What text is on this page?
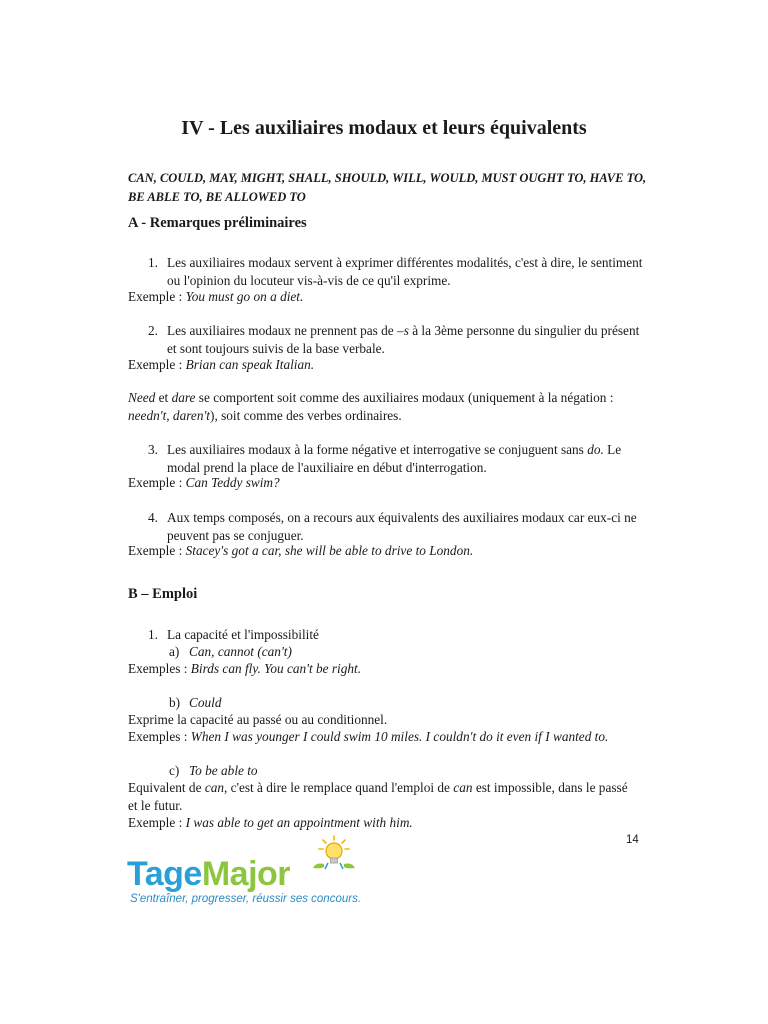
IV - Les auxiliaires modaux et leurs équivalents
CAN, COULD, MAY, MIGHT, SHALL, SHOULD, WILL, WOULD, MUST OUGHT TO, HAVE TO, BE ABLE TO, BE ALLOWED TO
A - Remarques préliminaires
1. Les auxiliaires modaux servent à exprimer différentes modalités, c'est à dire, le sentiment ou l'opinion du locuteur vis-à-vis de ce qu'il exprime.
Exemple : You must go on a diet.
2. Les auxiliaires modaux ne prennent pas de –s à la 3ème personne du singulier du présent et sont toujours suivis de la base verbale.
Exemple : Brian can speak Italian.
Need et dare se comportent soit comme des auxiliaires modaux (uniquement à la négation : needn't, daren't), soit comme des verbes ordinaires.
3. Les auxiliaires modaux à la forme négative et interrogative se conjuguent sans do. Le modal prend la place de l'auxiliaire en début d'interrogation.
Exemple : Can Teddy swim?
4. Aux temps composés, on a recours aux équivalents des auxiliaires modaux car eux-ci ne peuvent pas se conjuguer.
Exemple : Stacey's got a car, she will be able to drive to London.
B – Emploi
1. La capacité et l'impossibilité
a) Can, cannot (can't)
Exemples : Birds can fly. You can't be right.
b) Could
Exprime la capacité au passé ou au conditionnel.
Exemples : When I was younger I could swim 10 miles. I couldn't do it even if I wanted to.
c) To be able to
Equivalent de can, c'est à dire le remplace quand l'emploi de can est impossible, dans le passé et le futur.
Exemple : I was able to get an appointment with him.
14
TageMajor
S'entraîner, progresser, réussir ses concours.
